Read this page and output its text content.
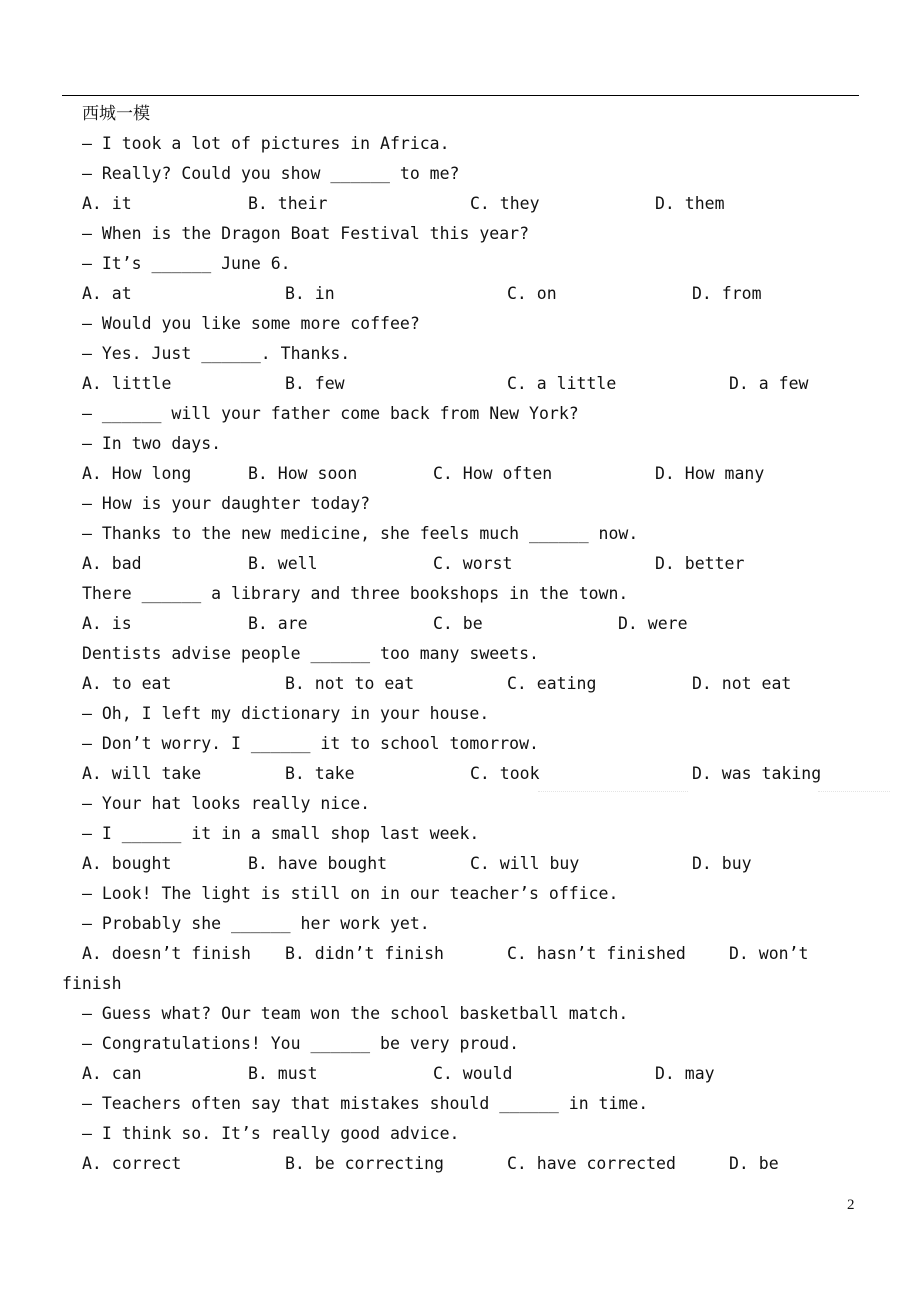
西城一模
— I took a lot of pictures in Africa.
— Really? Could you show ______ to me?
A. it	B. their	C. they	D. them
— When is the Dragon Boat Festival this year?
— It’s ______ June 6.
A. at	B. in	C. on	D. from
— Would you like some more coffee?
— Yes. Just ______. Thanks.
A. little	B. few	C. a little	D. a few
— ______ will your father come back from New York?
— In two days.
A. How long	B. How soon	C. How often	D. How many
— How is your daughter today?
— Thanks to the new medicine, she feels much ______ now.
A. bad	B. well	C. worst	D. better
There ______ a library and three bookshops in the town.
A. is	B. are	C. be	D. were
Dentists advise people ______ too many sweets.
A. to eat	B. not to eat	C. eating	D. not eat
— Oh, I left my dictionary in your house.
— Don’t worry. I ______ it to school tomorrow.
A. will take	B. take	C. took	D. was taking
— Your hat looks really nice.
— I ______ it in a small shop last week.
A. bought	B. have bought	C. will buy	D. buy
— Look! The light is still on in our teacher’s office.
— Probably she ______ her work yet.
A. doesn’t finish B. didn’t finish	C. hasn’t finished	D. won’t
finish
— Guess what? Our team won the school basketball match.
— Congratulations! You ______ be very proud.
A. can	B. must	C. would	D. may
— Teachers often say that mistakes should ______ in time.
— I think so. It’s really good advice.
A. correct	B. be correcting	C. have corrected	D. be
2
